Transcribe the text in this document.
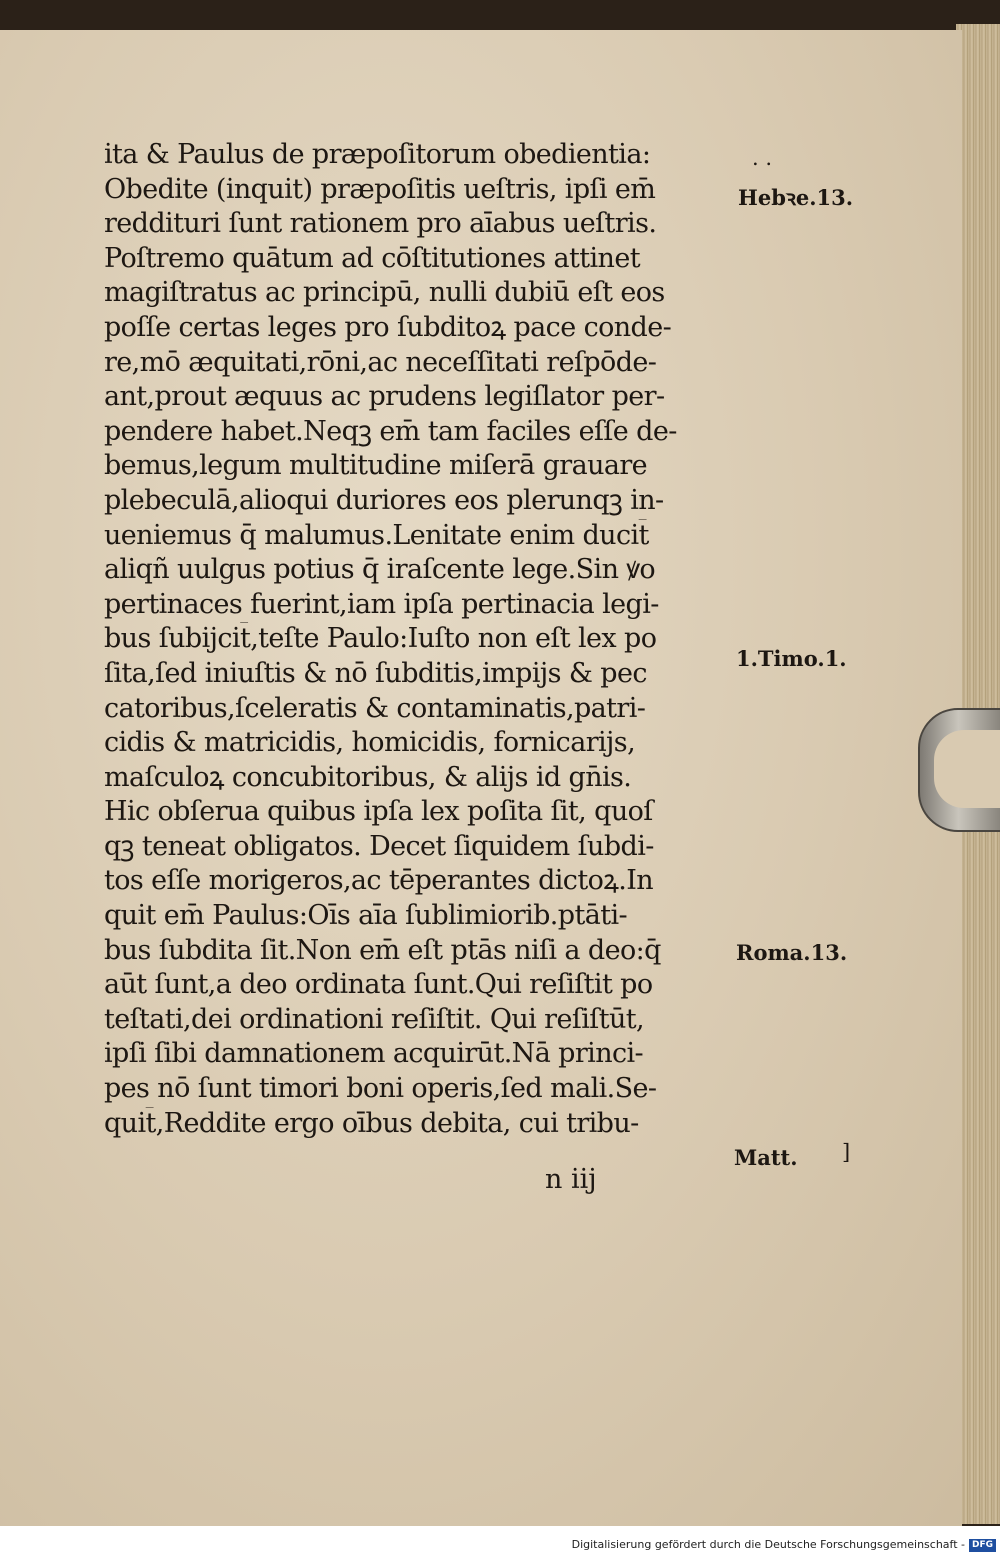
ita & Paulus de præpoſitorum obedientia:
Obedite (inquit) præpoſitis ueſtris, ipſi em̄
reddituri ſunt rationem pro aīabus ueſtris.
Poſtremo quātum ad cōſtitutiones attinet
magiſtratus ac principū, nulli dubiū eſt eos
poſſe certas leges pro ſubditoꝝ pace conde-
re,mō æquitati,rōni,ac neceſſitati reſpōde-
ant,prout æquus ac prudens legiſlator per-
pendere habet.Neqꝫ em̄ tam faciles eſſe de-
bemus,legum multitudine miſerā grauare
plebeculā,alioqui duriores eos plerunqꝫ in-
ueniemus q̄ malumus.Lenitate enim ducit̄
aliqñ uulgus potius q̄ iraſcente lege.Sin ꝟo
pertinaces fuerint,iam ipſa pertinacia legi-
bus ſubijcit̄,teſte Paulo:Iuſto non eſt lex po
ſita,ſed iniuſtis & nō ſubditis,impijs & pec
catoribus,ſceleratis & contaminatis,patri-
cidis & matricidis, homicidis, fornicarijs,
maſculoꝝ concubitoribus, & alijs id gn̄is.
Hic obſerua quibus ipſa lex poſita ſit, quoſ
qꝫ teneat obligatos. Decet ſiquidem ſubdi-
tos eſſe morigeros,ac tēperantes dictoꝝ.In
quit em̄ Paulus:Oīs aīa ſublimiorib.ptāti-
bus ſubdita ſit.Non em̄ eſt ptās niſi a deo:q̄
aūt ſunt,a deo ordinata ſunt.Qui reſiſtit po
teſtati,dei ordinationi reſiſtit. Qui reſiſtūt,
ipſi ſibi damnationem acquirūt.Nā princi-
pes nō ſunt timori boni operis,ſed mali.Se-
quit̄,Reddite ergo oībus debita, cui tribu-
. .
Hebꝛe.13.
1.Timo.1.
Roma.13.
Matt. ]
n iij
Digitalisierung gefördert durch die Deutsche Forschungsgemeinschaft - DFG
